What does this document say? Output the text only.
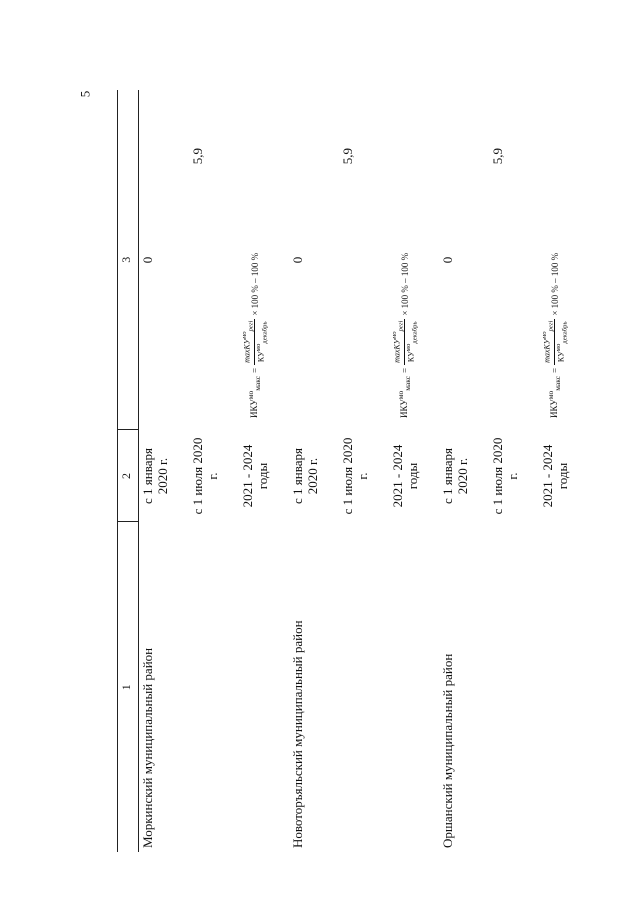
5
1	2	3
Моркинский муниципальный район	с 1 января 2020 г.	0
	с 1 июля 2020 г.	5,9
	2021 - 2024 годы	$ИКУ^{мо}_{макс}$
=
maxКУ$^{мо}_{pегi}$
$КУ^{мо}_{декабрь}$
× 100 % – 100 %

Новоторъяльский муниципальный район	с 1 января 2020 г.	0
	с 1 июля 2020 г.	5,9
	2021 - 2024 годы	$ИКУ^{мо}_{макс}$
=
maxКУ$^{мо}_{pегi}$
$КУ^{мо}_{декабрь}$
× 100 % – 100 %

Оршанский муниципальный район	с 1 января 2020 г.	0
	с 1 июля 2020 г.	5,9
	2021 - 2024 годы	$ИКУ^{мо}_{макс}$
=
maxКУ$^{мо}_{pегi}$
$КУ^{мо}_{декабрь}$
× 100 % – 100 %
